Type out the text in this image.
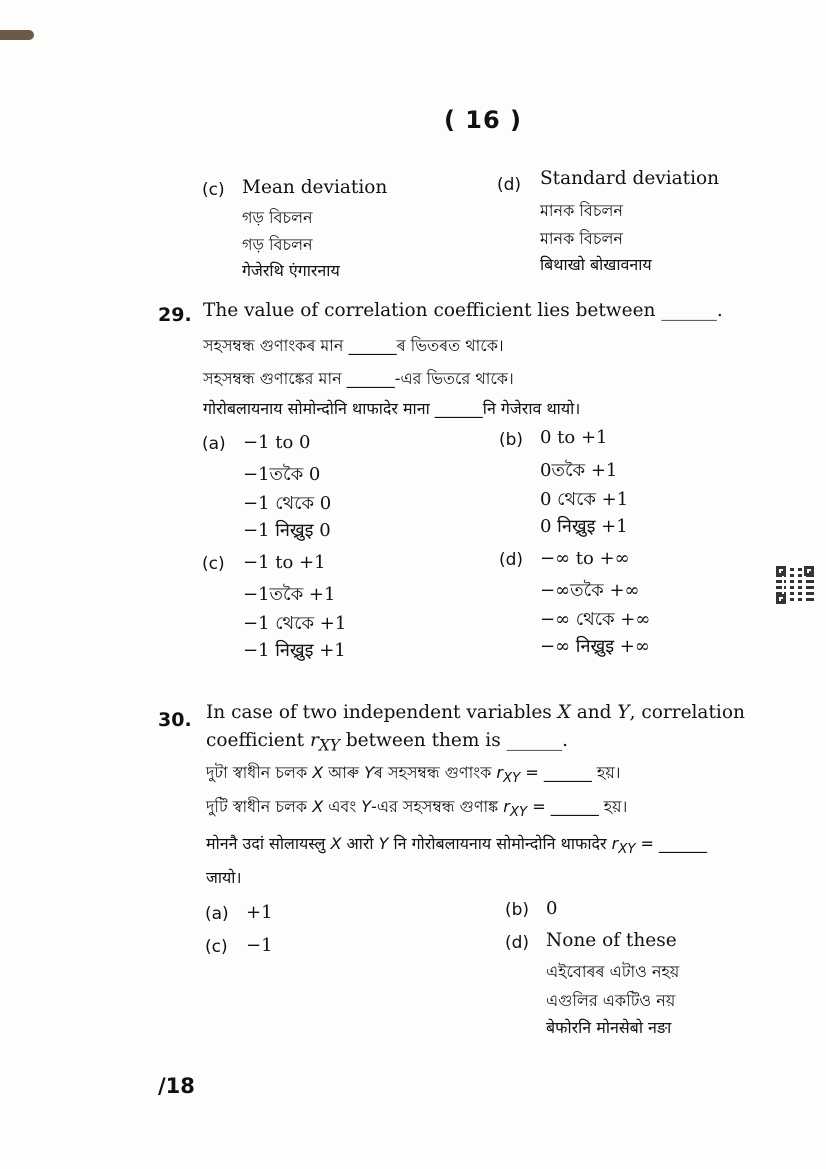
( 16 )
(c) Mean deviation
গড় বিচলন
গড় বিচলন
गेजेरथि एंगारनाय
(d) Standard deviation
মানক বিচলন
মানক বিচলন
बिथाखो बोखावनाय
29. The value of correlation coefficient lies between ______.
সহসম্বন্ধ গুণাংকৰ মান ______ৰ ভিতৰত থাকে।
সহসম্বন্ধ গুণাঙ্কের মান ______-এর ভিতরে থাকে।
गोरोबलायनाय सोमोन्दोनि थाफादेर माना ______नि गेजेराव थायो।
(a) −1 to 0
−1তকৈ 0
−1 থেকে 0
−1 निख्रुइ 0
(b) 0 to +1
0তকৈ +1
0 থেকে +1
0 निख्रुइ +1
(c) −1 to +1
−1তকৈ +1
−1 থেকে +1
−1 निख्रुइ +1
(d) −∞ to +∞
−∞তকৈ +∞
−∞ থেকে +∞
−∞ निख्रुइ +∞
30. In case of two independent variables X and Y, correlation
coefficient $r_{XY}$ between them is ______.
দুটা স্বাধীন চলক X আৰু Yৰ সহসম্বন্ধ গুণাংক $r_{XY}$ = ______ হয়।
দুটি স্বাধীন চলক X এবং Y-এর সহসম্বন্ধ গুণাঙ্ক $r_{XY}$ = ______ হয়।
मोननै उदां सोलायस्लु X आरो Y नि गोरोबलायनाय सोमोन्दोनि थाफादेर $r_{XY}$ = ______
जायो।
(a) +1	(b) 0
(c) −1	(d) None of these
এইবোৰৰ এটাও নহয়
এগুলির একটিও নয়
बेफोरनि मोनसेबो नङा
/18
